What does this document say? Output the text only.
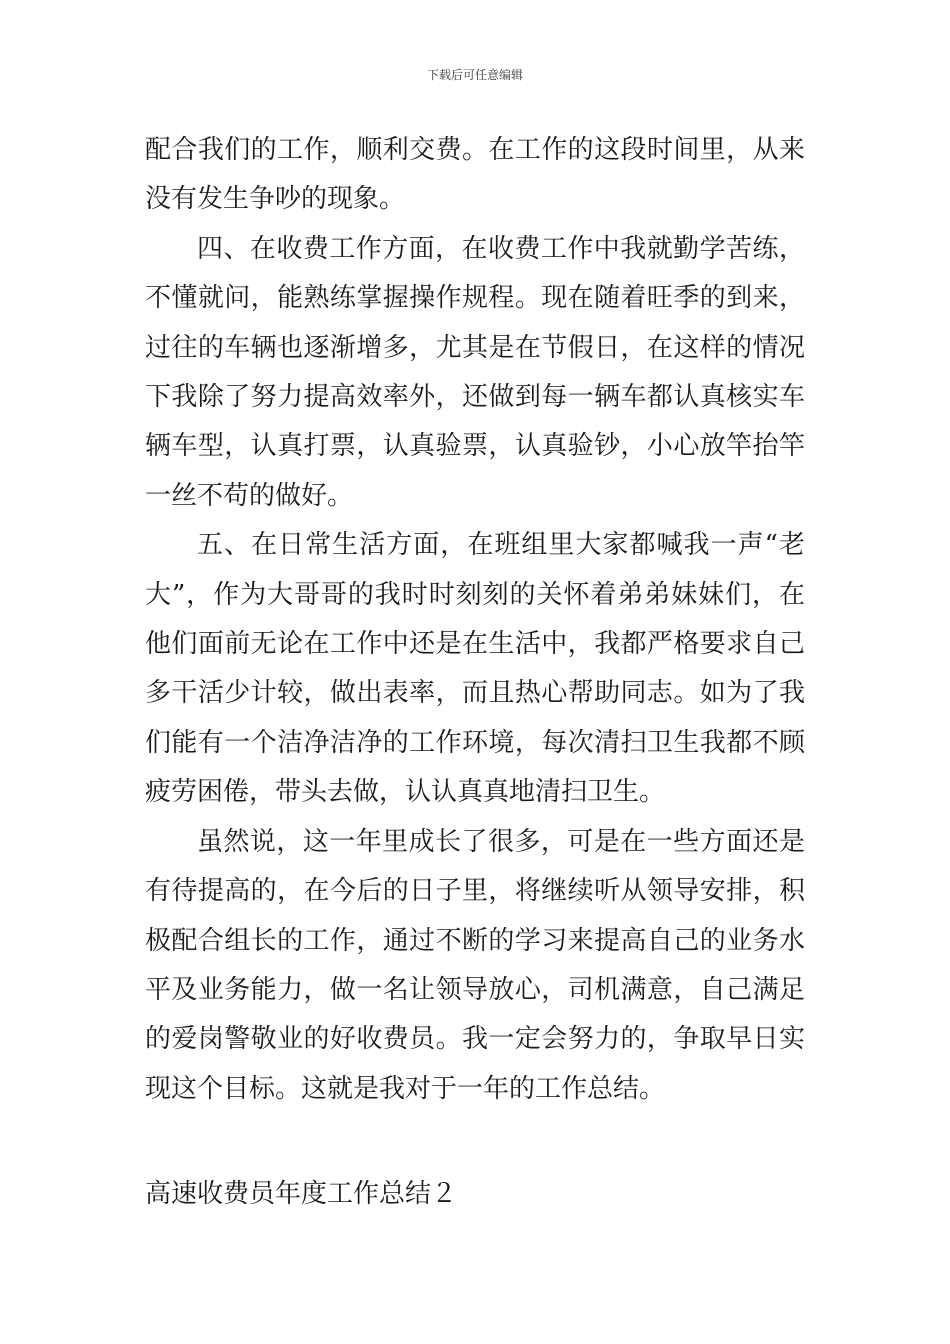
下载后可任意编辑

配合我们的工作，顺利交费。在工作的这段时间里，从来没有发生争吵的现象。

四、在收费工作方面，在收费工作中我就勤学苦练，不懂就问，能熟练掌握操作规程。现在随着旺季的到来，过往的车辆也逐渐增多，尤其是在节假日，在这样的情况下我除了努力提高效率外，还做到每一辆车都认真核实车辆车型，认真打票，认真验票，认真验钞，小心放竿抬竿一丝不苟的做好。

五、在日常生活方面，在班组里大家都喊我一声“老大”，作为大哥哥的我时时刻刻的关怀着弟弟妹妹们，在他们面前无论在工作中还是在生活中，我都严格要求自己多干活少计较，做出表率，而且热心帮助同志。如为了我们能有一个洁净洁净的工作环境，每次清扫卫生我都不顾疲劳困倦，带头去做，认认真真地清扫卫生。

虽然说，这一年里成长了很多，可是在一些方面还是有待提高的，在今后的日子里，将继续听从领导安排，积极配合组长的工作，通过不断的学习来提高自己的业务水平及业务能力，做一名让领导放心，司机满意，自己满足的爱岗警敬业的好收费员。我一定会努力的，争取早日实现这个目标。这就是我对于一年的工作总结。

高速收费员年度工作总结２
